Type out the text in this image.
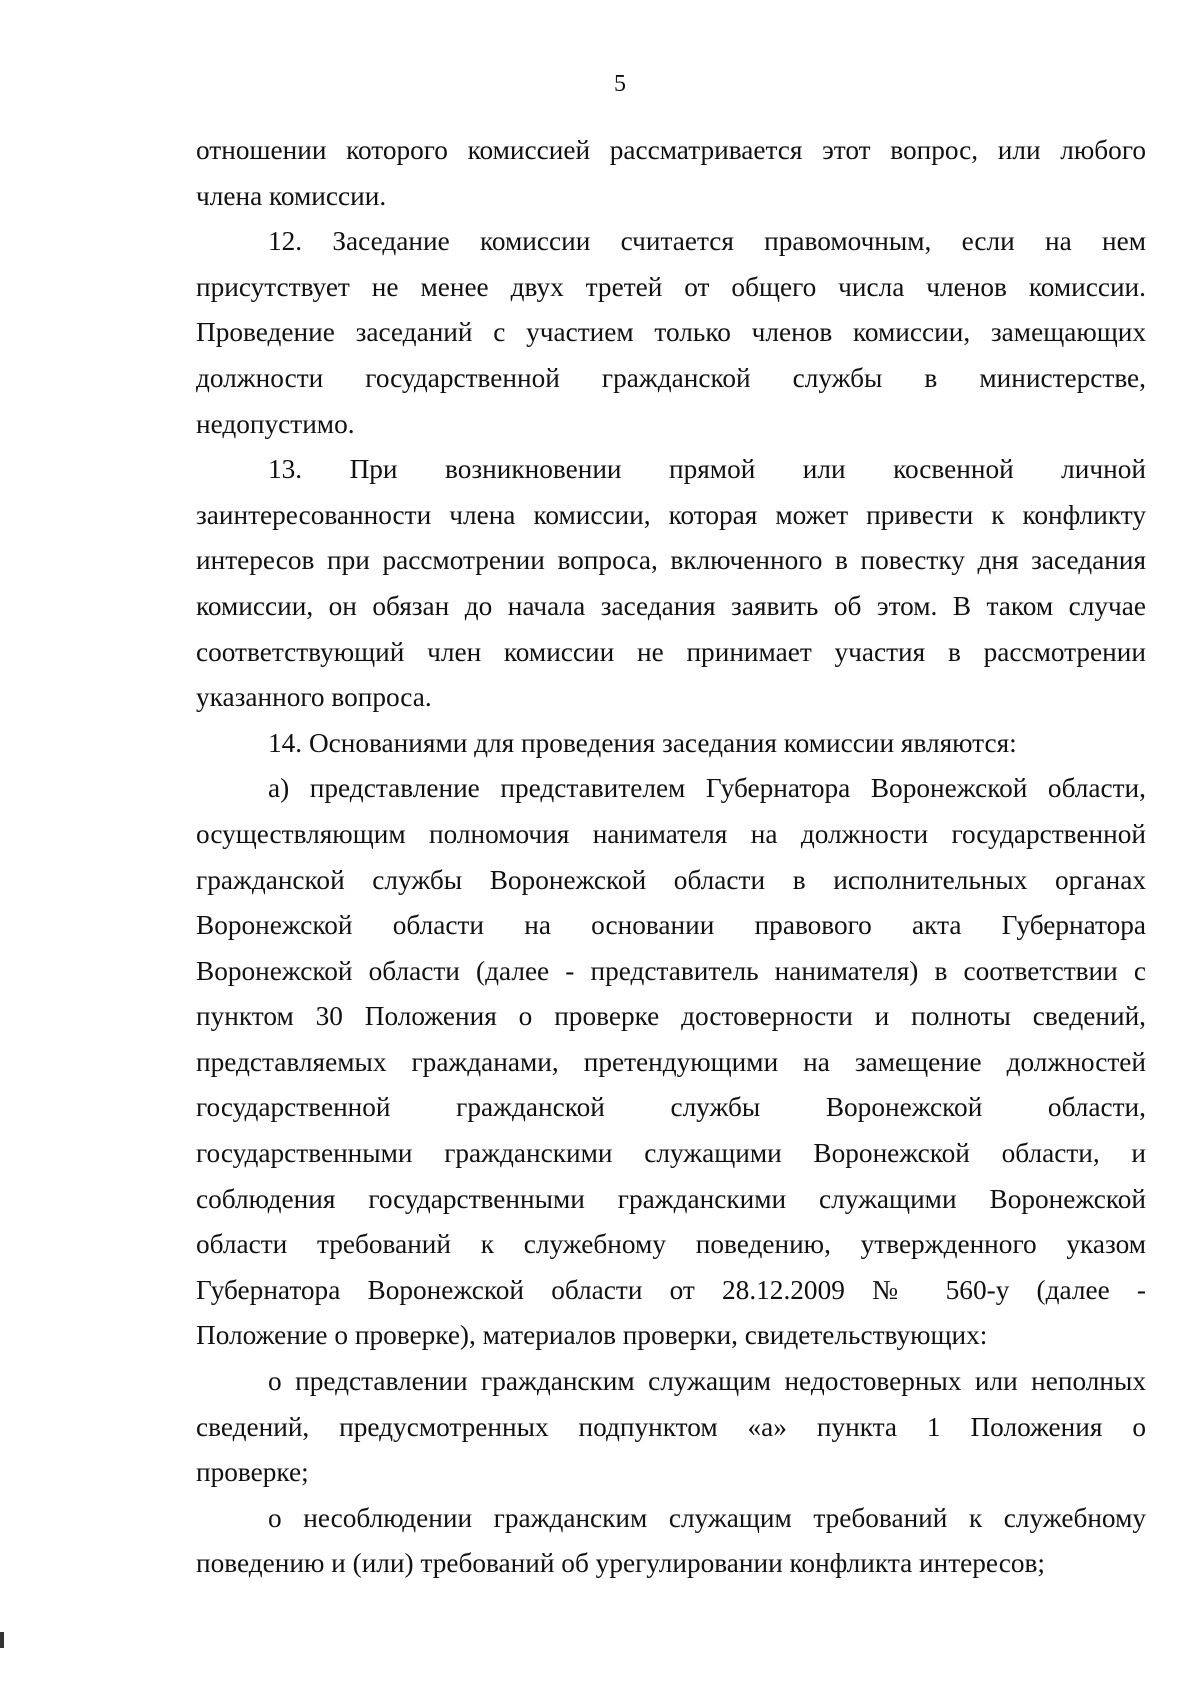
5

отношении которого комиссией рассматривается этот вопрос, или любого
члена комиссии.

12. Заседание комиссии считается правомочным, если на нем
присутствует не менее двух третей от общего числа членов комиссии.
Проведение заседаний с участием только членов комиссии, замещающих
должности государственной гражданской службы в министерстве,
недопустимо.

13. При возникновении прямой или косвенной личной
заинтересованности члена комиссии, которая может привести к конфликту
интересов при рассмотрении вопроса, включенного в повестку дня заседания
комиссии, он обязан до начала заседания заявить об этом. В таком случае
соответствующий член комиссии не принимает участия в рассмотрении
указанного вопроса.

14. Основаниями для проведения заседания комиссии являются:

а) представление представителем Губернатора Воронежской области,
осуществляющим полномочия нанимателя на должности государственной
гражданской службы Воронежской области в исполнительных органах
Воронежской области на основании правового акта Губернатора
Воронежской области (далее - представитель нанимателя) в соответствии с
пунктом 30 Положения о проверке достоверности и полноты сведений,
представляемых гражданами, претендующими на замещение должностей
государственной гражданской службы Воронежской области,
государственными гражданскими служащими Воронежской области, и
соблюдения государственными гражданскими служащими Воронежской
области требований к служебному поведению, утвержденного указом
Губернатора Воронежской области от 28.12.2009 № 560-у (далее -
Положение о проверке), материалов проверки, свидетельствующих:

о представлении гражданским служащим недостоверных или неполных
сведений, предусмотренных подпунктом «а» пункта 1 Положения о
проверке;

о несоблюдении гражданским служащим требований к служебному
поведению и (или) требований об урегулировании конфликта интересов;
